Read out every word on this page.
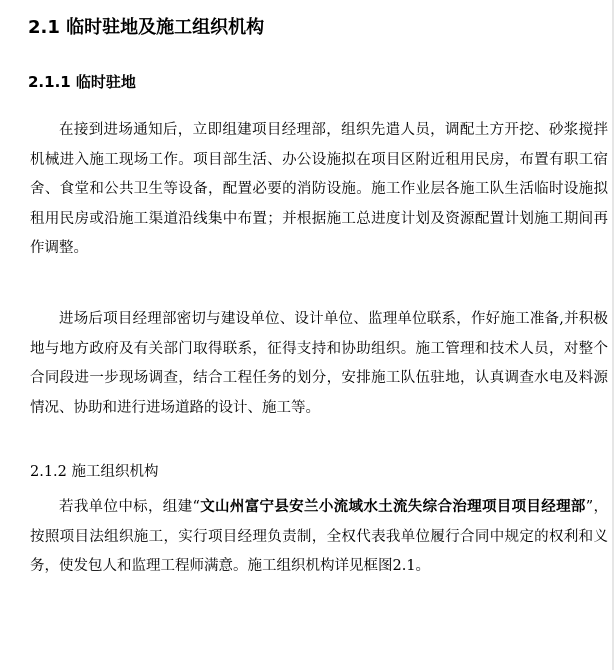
2.1 临时驻地及施工组织机构
2.1.1 临时驻地

在接到进场通知后，立即组建项目经理部，组织先遣人员，调配土方开挖、砂浆搅拌机械进入施工现场工作。项目部生活、办公设施拟在项目区附近租用民房，布置有职工宿舍、食堂和公共卫生等设备，配置必要的消防设施。施工作业层各施工队生活临时设施拟租用民房或沿施工渠道沿线集中布置；并根据施工总进度计划及资源配置计划施工期间再作调整。

进场后项目经理部密切与建设单位、设计单位、监理单位联系，作好施工准备,并积极地与地方政府及有关部门取得联系，征得支持和协助组织。施工管理和技术人员，对整个合同段进一步现场调查，结合工程任务的划分，安排施工队伍驻地，认真调查水电及料源情况、协助和进行进场道路的设计、施工等。

2.1.2 施工组织机构

若我单位中标，组建“文山州富宁县安兰小流域水土流失综合治理项目项目经理部”，按照项目法组织施工，实行项目经理负责制，全权代表我单位履行合同中规定的权利和义务，使发包人和监理工程师满意。施工组织机构详见框图2.1。
